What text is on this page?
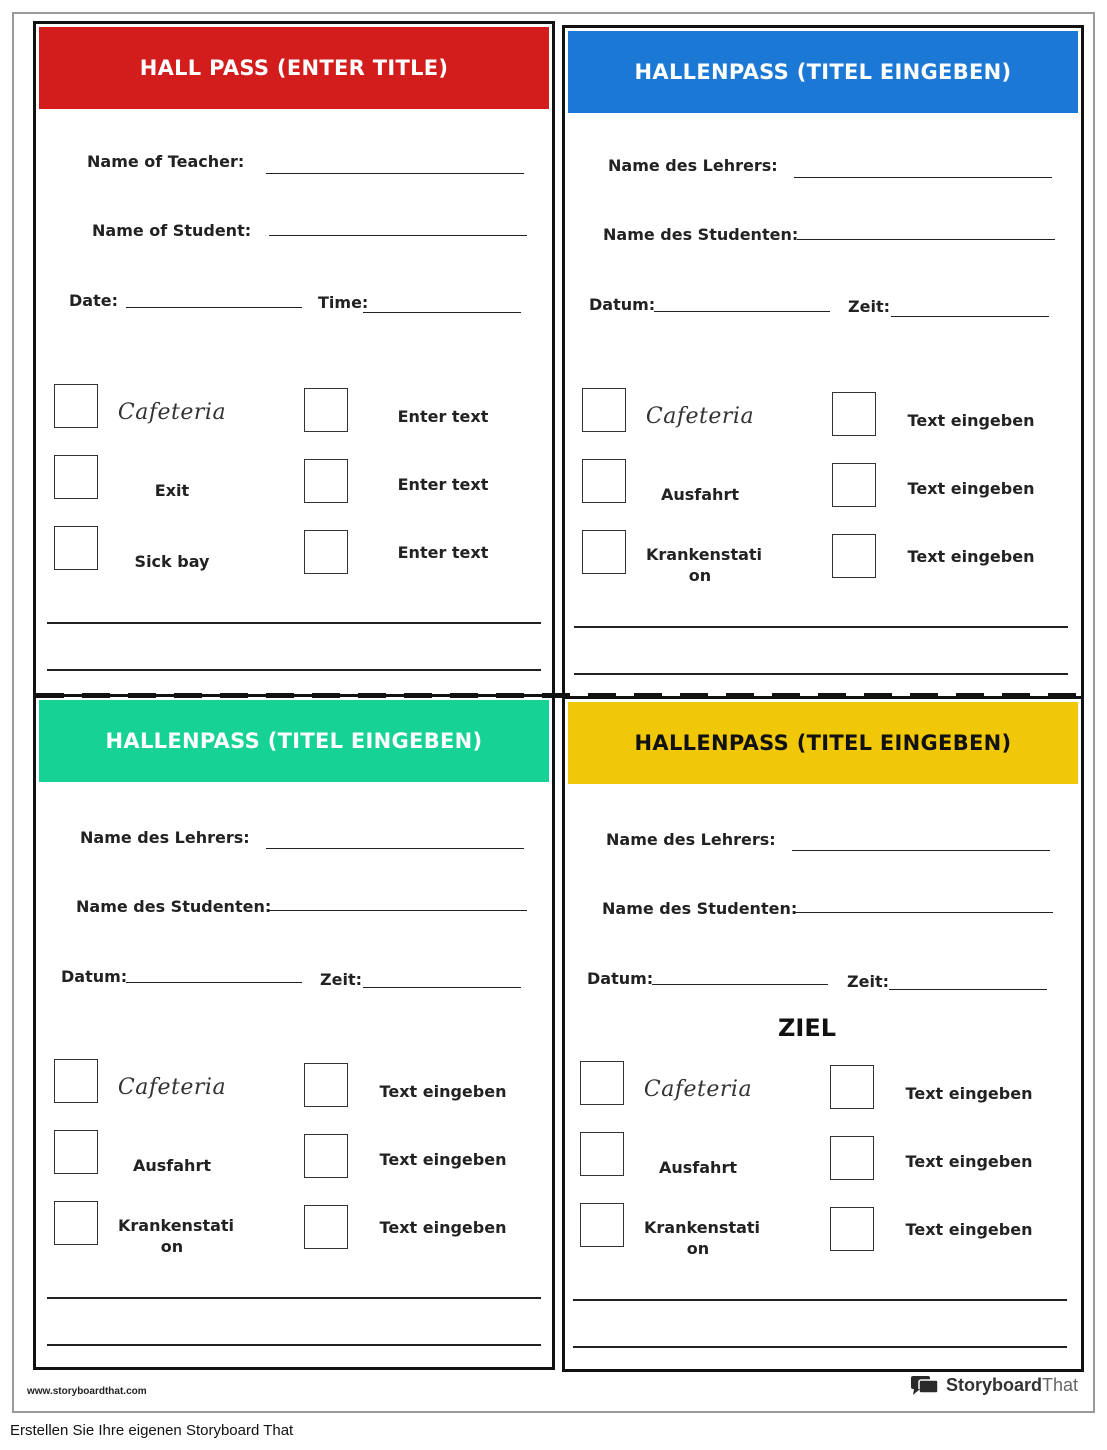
HALL PASS (ENTER TITLE)
Name of Teacher:
Name of Student:
Date:	Time:
Cafeteria
Exit
Sick bay
Enter text
Enter text
Enter text
HALLENPASS (TITEL EINGEBEN)
Name des Lehrers:
Name des Studenten:
Datum:	Zeit:
Cafeteria
Ausfahrt
Krankenstati on
Text eingeben
Text eingeben
Text eingeben
HALLENPASS (TITEL EINGEBEN)
Name des Lehrers:
Name des Studenten:
Datum:	Zeit:
Cafeteria
Ausfahrt
Krankenstati on
Text eingeben
Text eingeben
Text eingeben
HALLENPASS (TITEL EINGEBEN)
Name des Lehrers:
Name des Studenten:
Datum:	Zeit:
ZIEL
Cafeteria
Ausfahrt
Krankenstati on
Text eingeben
Text eingeben
Text eingeben
www.storyboardthat.com	StoryboardThat
Erstellen Sie Ihre eigenen Storyboard That
